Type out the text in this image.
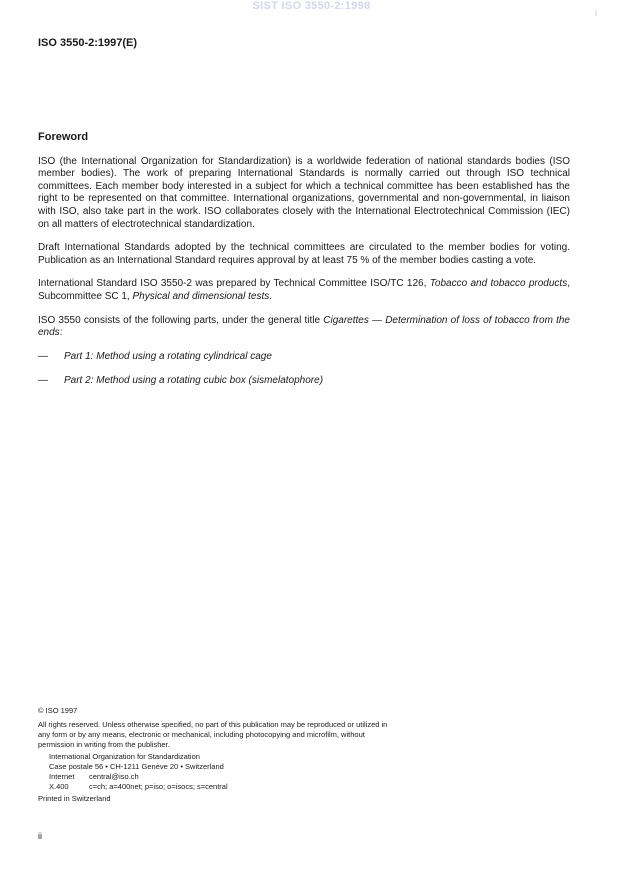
SIST ISO 3550-2:1998
i
ISO 3550-2:1997(E)
Foreword

ISO (the International Organization for Standardization) is a worldwide federation of national standards bodies (ISO member bodies). The work of preparing International Standards is normally carried out through ISO technical committees. Each member body interested in a subject for which a technical committee has been established has the right to be represented on that committee. International organizations, governmental and non-governmental, in liaison with ISO, also take part in the work. ISO collaborates closely with the International Electrotechnical Commission (IEC) on all matters of electrotechnical standardization.

Draft International Standards adopted by the technical committees are circulated to the member bodies for voting. Publication as an International Standard requires approval by at least 75 % of the member bodies casting a vote.

International Standard ISO 3550-2 was prepared by Technical Committee ISO/TC 126, Tobacco and tobacco products, Subcommittee SC 1, Physical and dimensional tests.

ISO 3550 consists of the following parts, under the general title Cigarettes — Determination of loss of tobacco from the ends:

—	Part 1: Method using a rotating cylindrical cage
—	Part 2: Method using a rotating cubic box (sismelatophore)
© ISO 1997
All rights reserved. Unless otherwise specified, no part of this publication may be reproduced or utilized in any form or by any means, electronic or mechanical, including photocopying and microfilm, without permission in writing from the publisher.
International Organization for Standardization
Case postale 56 • CH-1211 Genève 20 • Switzerland
Internet	central@iso.ch
X.400	c=ch; a=400net; p=iso; o=isocs; s=central
Printed in Switzerland
ii
